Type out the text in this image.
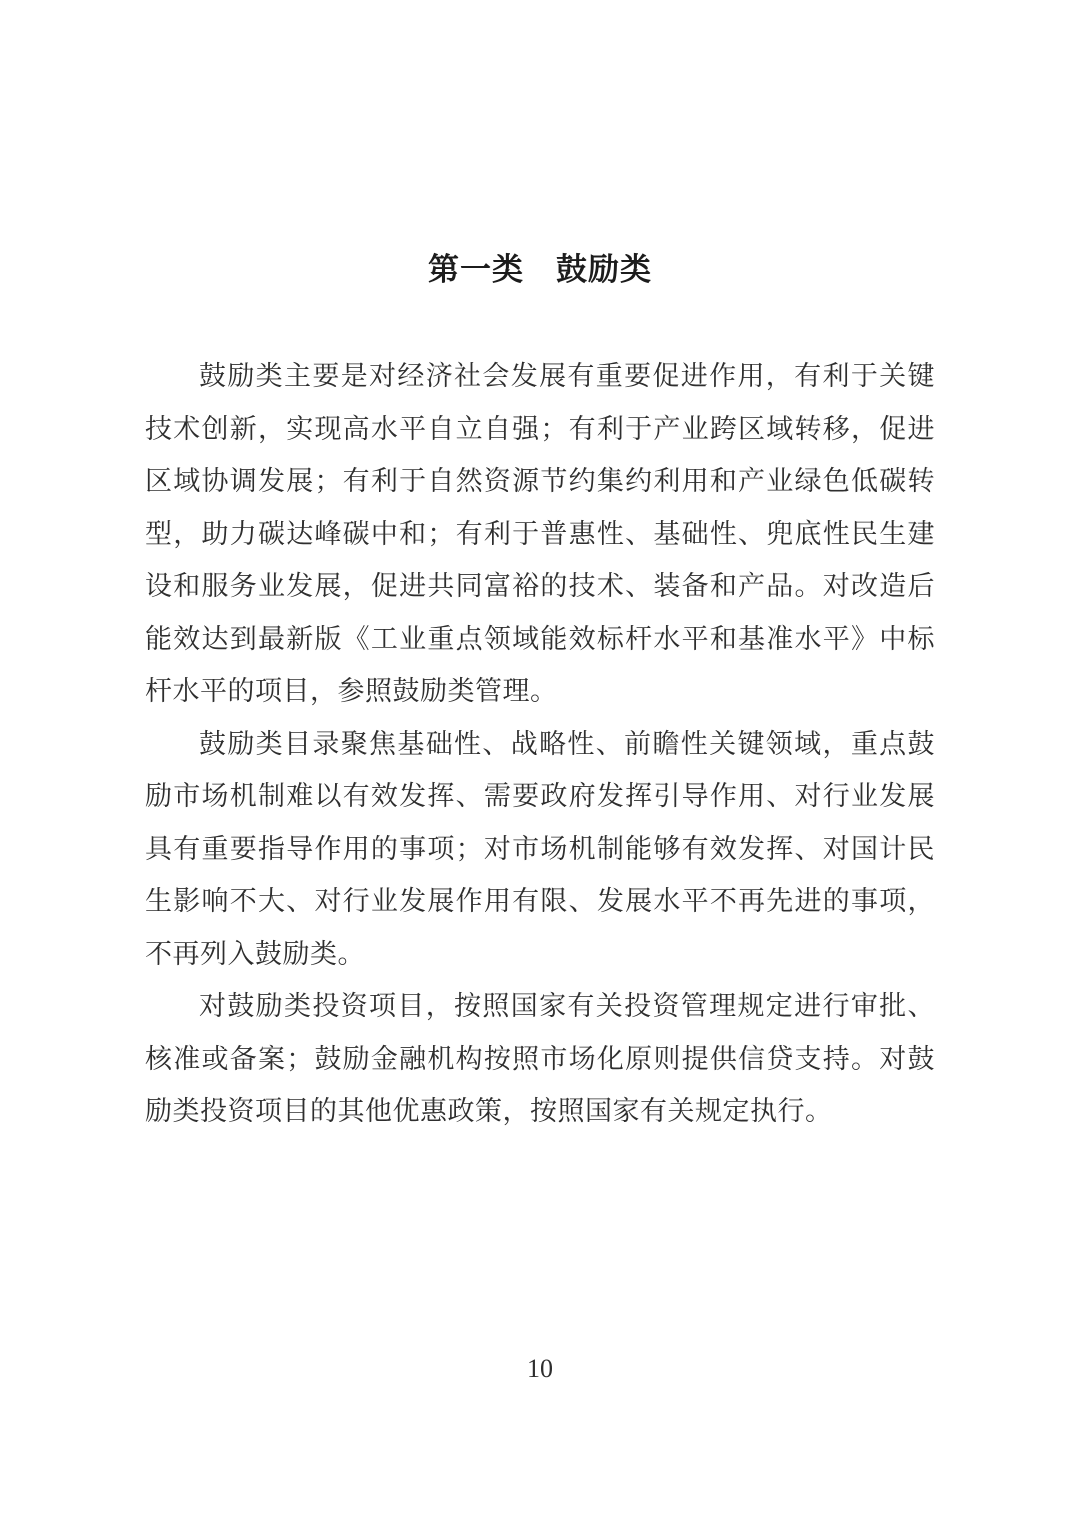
第一类　鼓励类

鼓励类主要是对经济社会发展有重要促进作用，有利于关键技术创新，实现高水平自立自强；有利于产业跨区域转移，促进区域协调发展；有利于自然资源节约集约利用和产业绿色低碳转型，助力碳达峰碳中和；有利于普惠性、基础性、兜底性民生建设和服务业发展，促进共同富裕的技术、装备和产品。对改造后能效达到最新版《工业重点领域能效标杆水平和基准水平》中标杆水平的项目，参照鼓励类管理。

鼓励类目录聚焦基础性、战略性、前瞻性关键领域，重点鼓励市场机制难以有效发挥、需要政府发挥引导作用、对行业发展具有重要指导作用的事项；对市场机制能够有效发挥、对国计民生影响不大、对行业发展作用有限、发展水平不再先进的事项，不再列入鼓励类。

对鼓励类投资项目，按照国家有关投资管理规定进行审批、核准或备案；鼓励金融机构按照市场化原则提供信贷支持。对鼓励类投资项目的其他优惠政策，按照国家有关规定执行。

10
